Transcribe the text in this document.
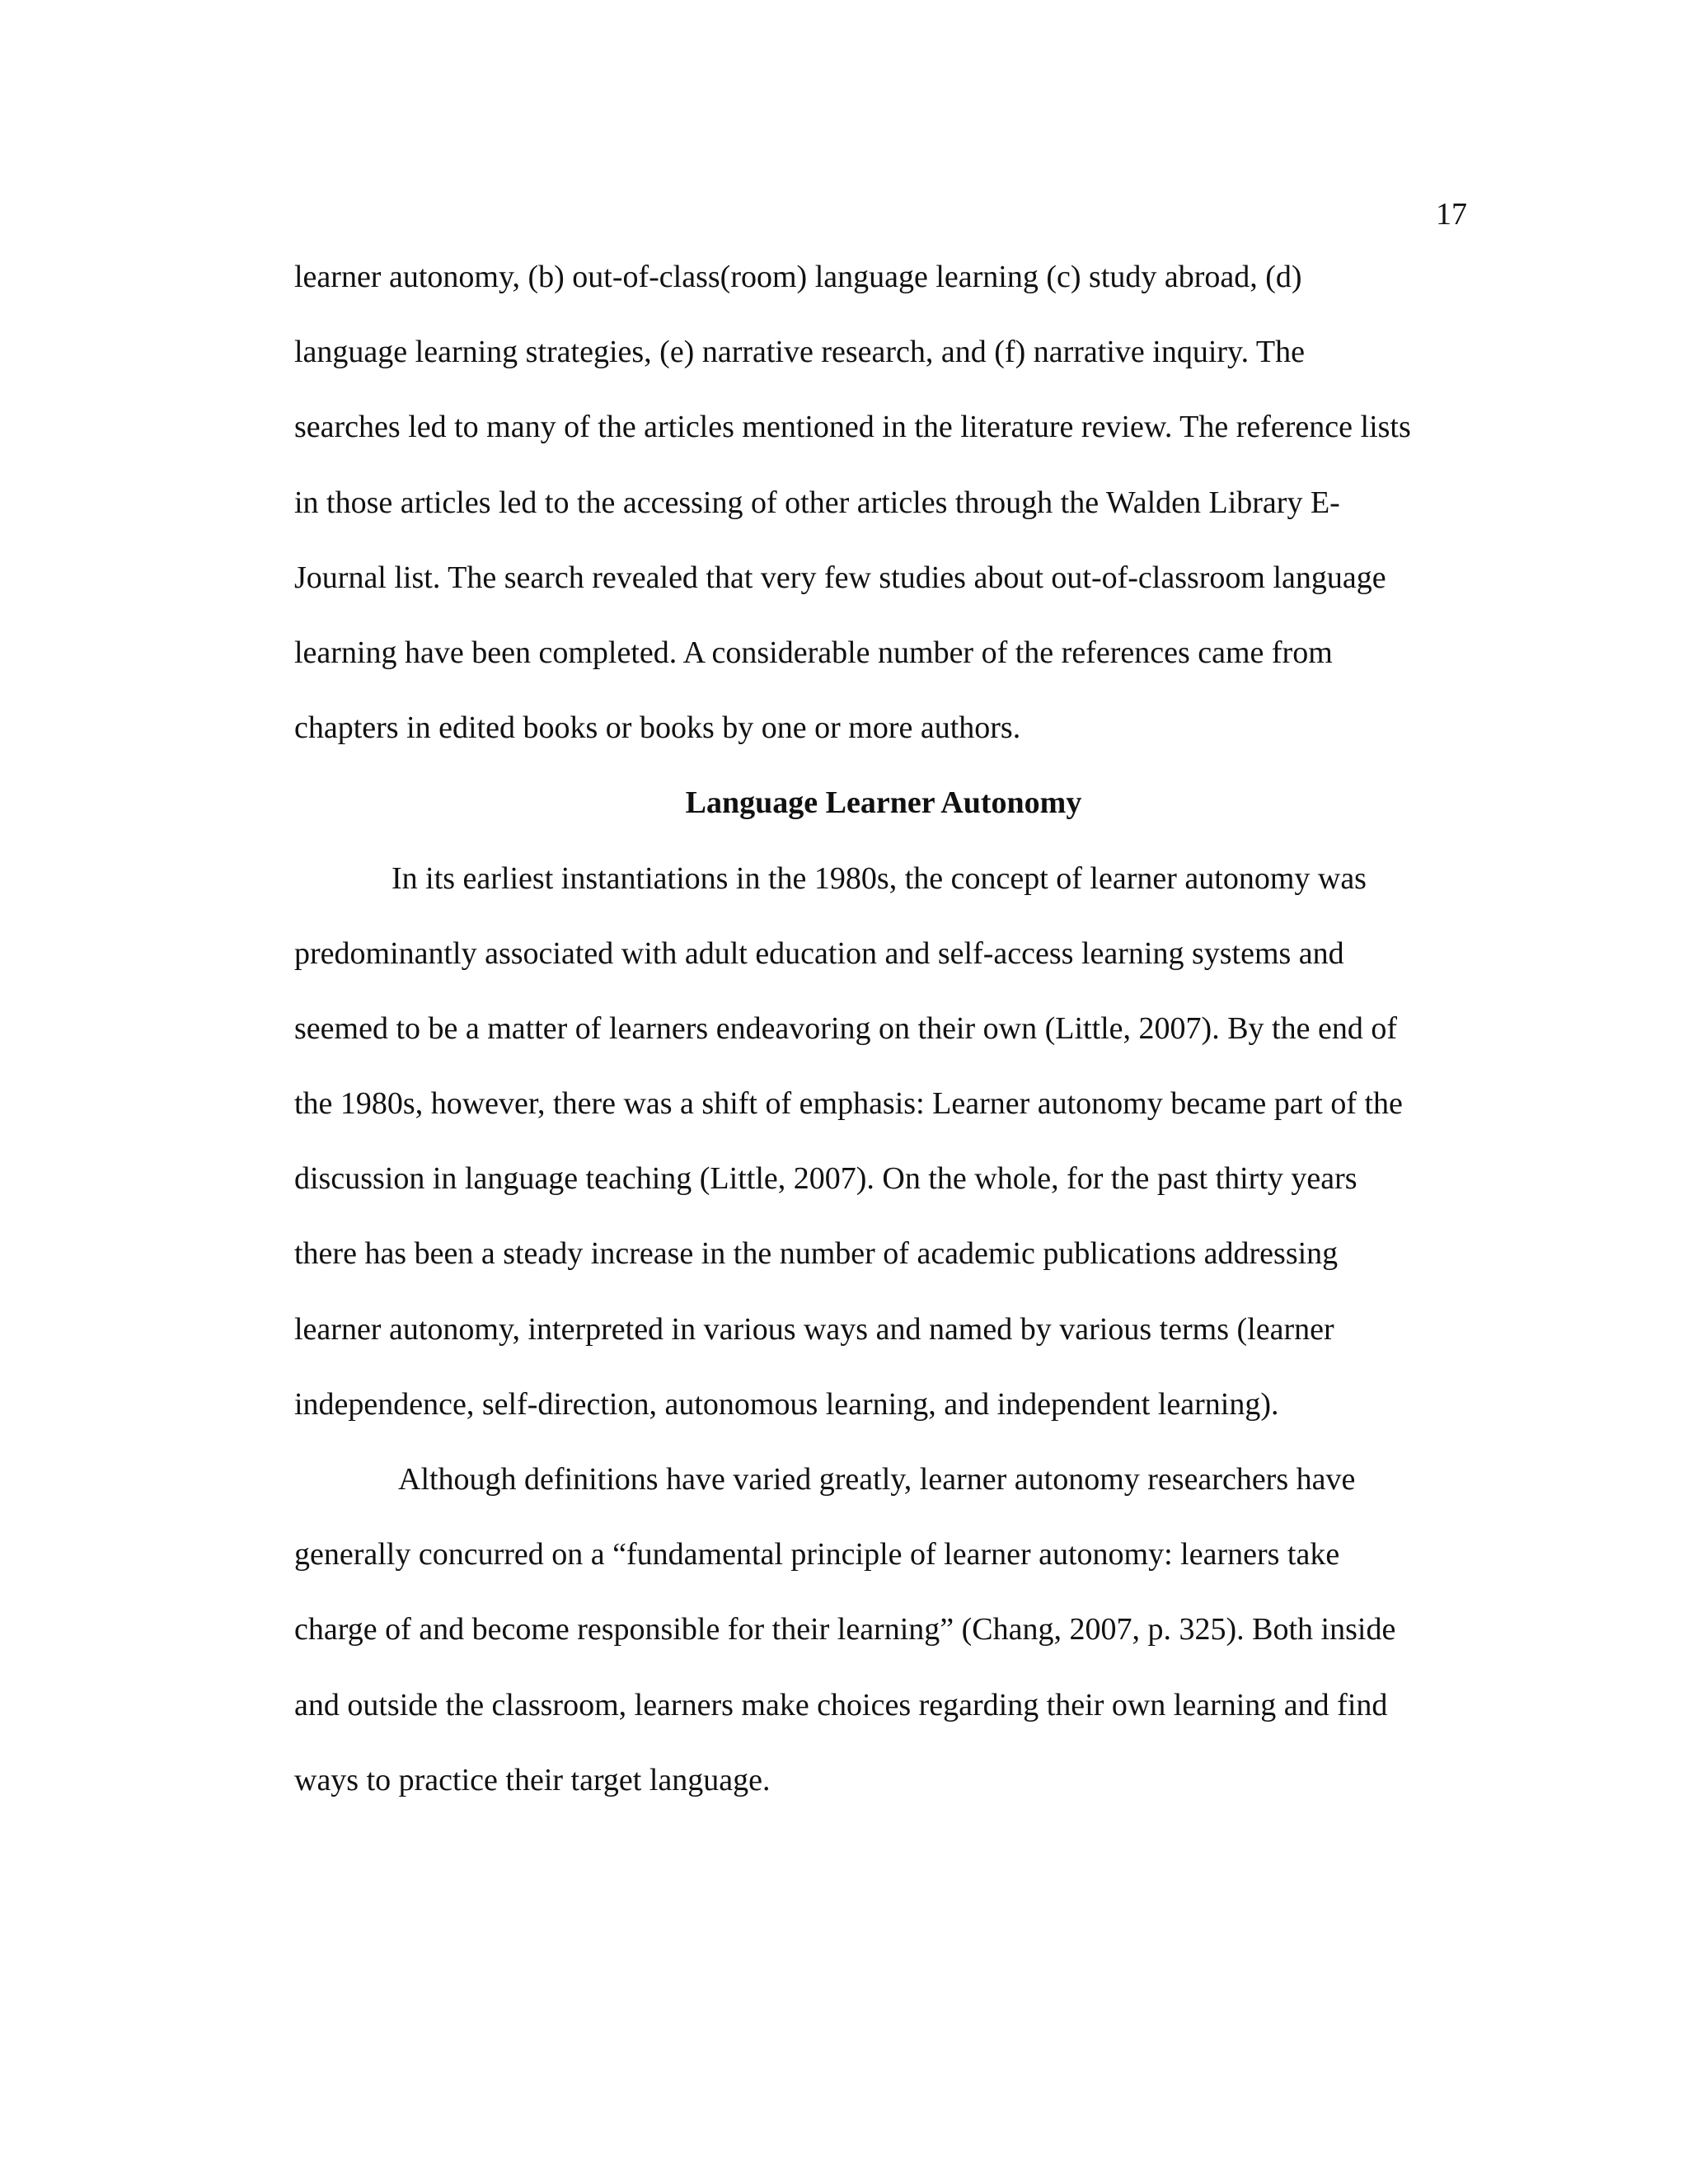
17

learner autonomy, (b) out-of-class(room) language learning (c) study abroad, (d)

language learning strategies, (e) narrative research, and (f) narrative inquiry. The

searches led to many of the articles mentioned in the literature review. The reference lists

in those articles led to the accessing of other articles through the Walden Library E-

Journal list. The search revealed that very few studies about out-of-classroom language

learning have been completed. A considerable number of the references came from

chapters in edited books or books by one or more authors.

Language Learner Autonomy

In its earliest instantiations in the 1980s, the concept of learner autonomy was

predominantly associated with adult education and self-access learning systems and

seemed to be a matter of learners endeavoring on their own (Little, 2007). By the end of

the 1980s, however, there was a shift of emphasis: Learner autonomy became part of the

discussion in language teaching (Little, 2007). On the whole, for the past thirty years

there has been a steady increase in the number of academic publications addressing

learner autonomy, interpreted in various ways and named by various terms (learner

independence, self-direction, autonomous learning, and independent learning).

Although definitions have varied greatly, learner autonomy researchers have

generally concurred on a “fundamental principle of learner autonomy: learners take

charge of and become responsible for their learning” (Chang, 2007, p. 325). Both inside

and outside the classroom, learners make choices regarding their own learning and find

ways to practice their target language.
